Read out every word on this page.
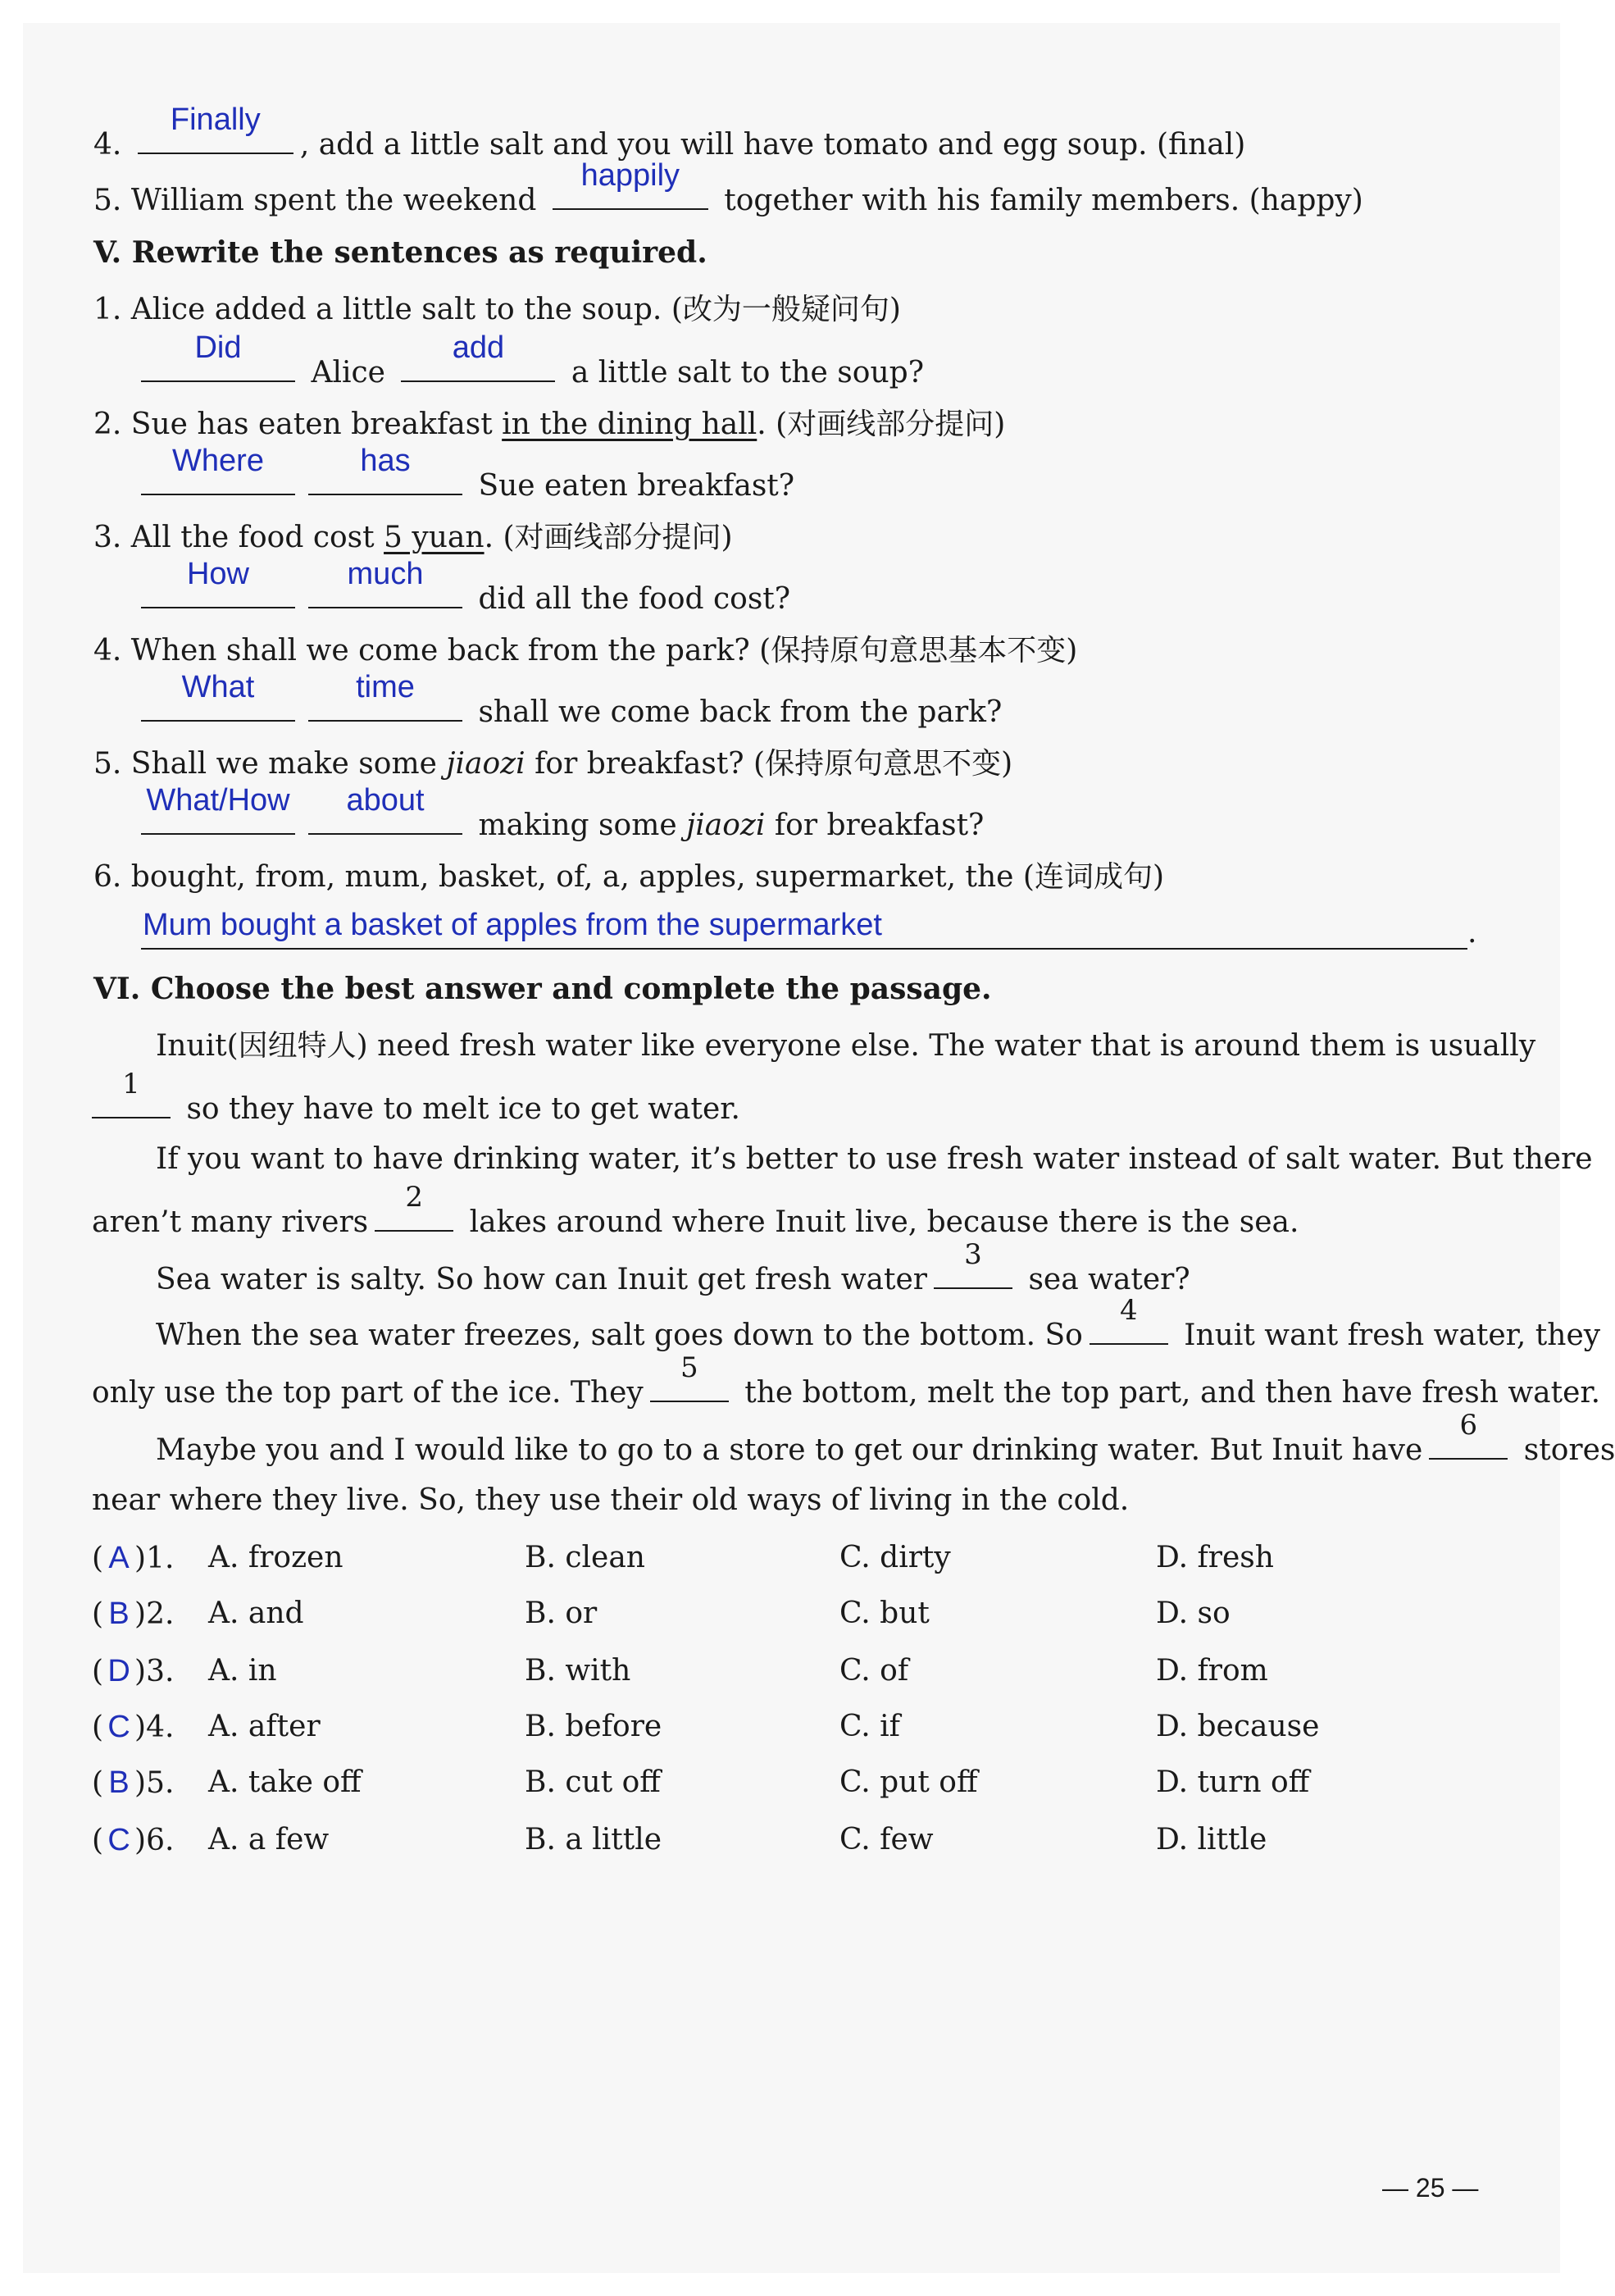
4.
Finally
, add a little salt and you will have tomato and egg soup. (final)
5. William spent the weekend
happily
together with his family members. (happy)
V. Rewrite the sentences as required.
1. Alice added a little salt to the soup. (改为一般疑问句)
Did
Alice
add
a little salt to the soup?
2. Sue has eaten breakfast in the dining hall. (对画线部分提问)
Where	has
Sue eaten breakfast?
3. All the food cost 5 yuan. (对画线部分提问)
How	much
did all the food cost?
4. When shall we come back from the park? (保持原句意思基本不变)
What	time
shall we come back from the park?
5. Shall we make some jiaozi for breakfast? (保持原句意思不变)
What/How	about
making some jiaozi for breakfast?
6. bought, from, mum, basket, of, a, apples, supermarket, the (连词成句)
Mum bought a basket of apples from the supermarket	.
VI. Choose the best answer and complete the passage.
Inuit(因纽特人) need fresh water like everyone else. The water that is around them is usually
1
so they have to melt ice to get water.
If you want to have drinking water, it’s better to use fresh water instead of salt water. But there
aren’t many rivers
2
lakes around where Inuit live, because there is the sea.
Sea water is salty. So how can Inuit get fresh water
3
sea water?
When the sea water freezes, salt goes down to the bottom. So
4
Inuit want fresh water, they
only use the top part of the ice. They
5
the bottom, melt the top part, and then have fresh water.
Maybe you and I would like to go to a store to get our drinking water. But Inuit have
6
stores
near where they live. So, they use their old ways of living in the cold.
( A )1. A. frozen	B. clean	C. dirty	D. fresh
( B )2. A. and	B. or	C. but	D. so
( D )3. A. in	B. with	C. of	D. from
( C )4. A. after	B. before	C. if	D. because
( B )5. A. take off	B. cut off	C. put off	D. turn off
( C )6. A. a few	B. a little	C. few	D. little
— 25 —
